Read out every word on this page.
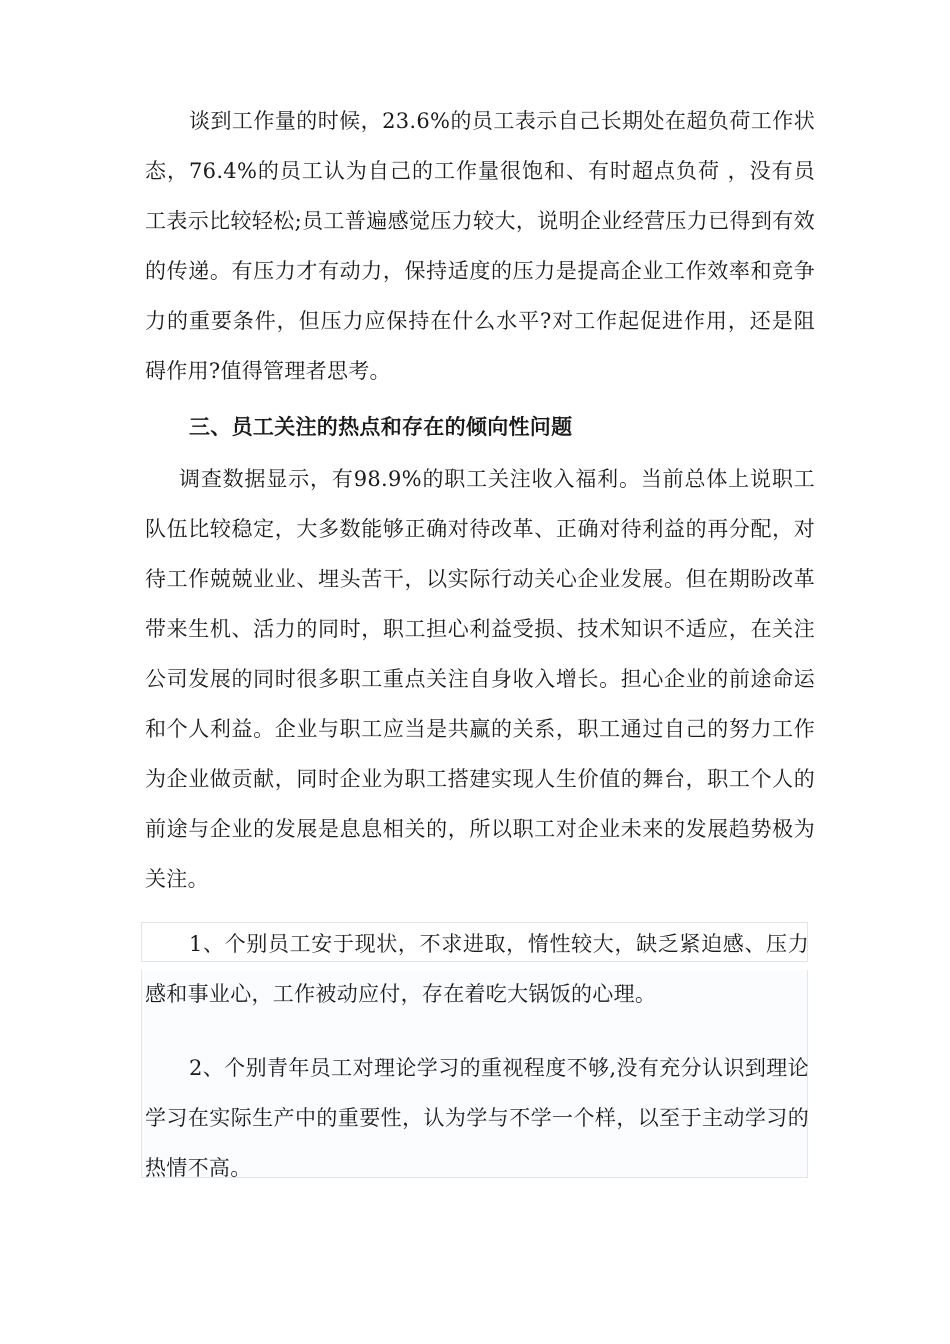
谈到工作量的时候，23.6%的员工表示自己长期处在超负荷工作状态，76.4%的员工认为自己的工作量很饱和、有时超点负荷 ，没有员工表示比较轻松;员工普遍感觉压力较大，说明企业经营压力已得到有效的传递。有压力才有动力，保持适度的压力是提高企业工作效率和竞争力的重要条件，但压力应保持在什么水平?对工作起促进作用，还是阻碍作用?值得管理者思考。

三、员工关注的热点和存在的倾向性问题

调查数据显示，有98.9%的职工关注收入福利。当前总体上说职工队伍比较稳定，大多数能够正确对待改革、正确对待利益的再分配，对待工作兢兢业业、埋头苦干，以实际行动关心企业发展。但在期盼改革带来生机、活力的同时，职工担心利益受损、技术知识不适应，在关注公司发展的同时很多职工重点关注自身收入增长。担心企业的前途命运和个人利益。企业与职工应当是共赢的关系，职工通过自己的努力工作为企业做贡献，同时企业为职工搭建实现人生价值的舞台，职工个人的前途与企业的发展是息息相关的，所以职工对企业未来的发展趋势极为关注。

1、个别员工安于现状，不求进取，惰性较大，缺乏紧迫感、压力感和事业心，工作被动应付，存在着吃大锅饭的心理。

2、个别青年员工对理论学习的重视程度不够,没有充分认识到理论学习在实际生产中的重要性，认为学与不学一个样，以至于主动学习的热情不高。
